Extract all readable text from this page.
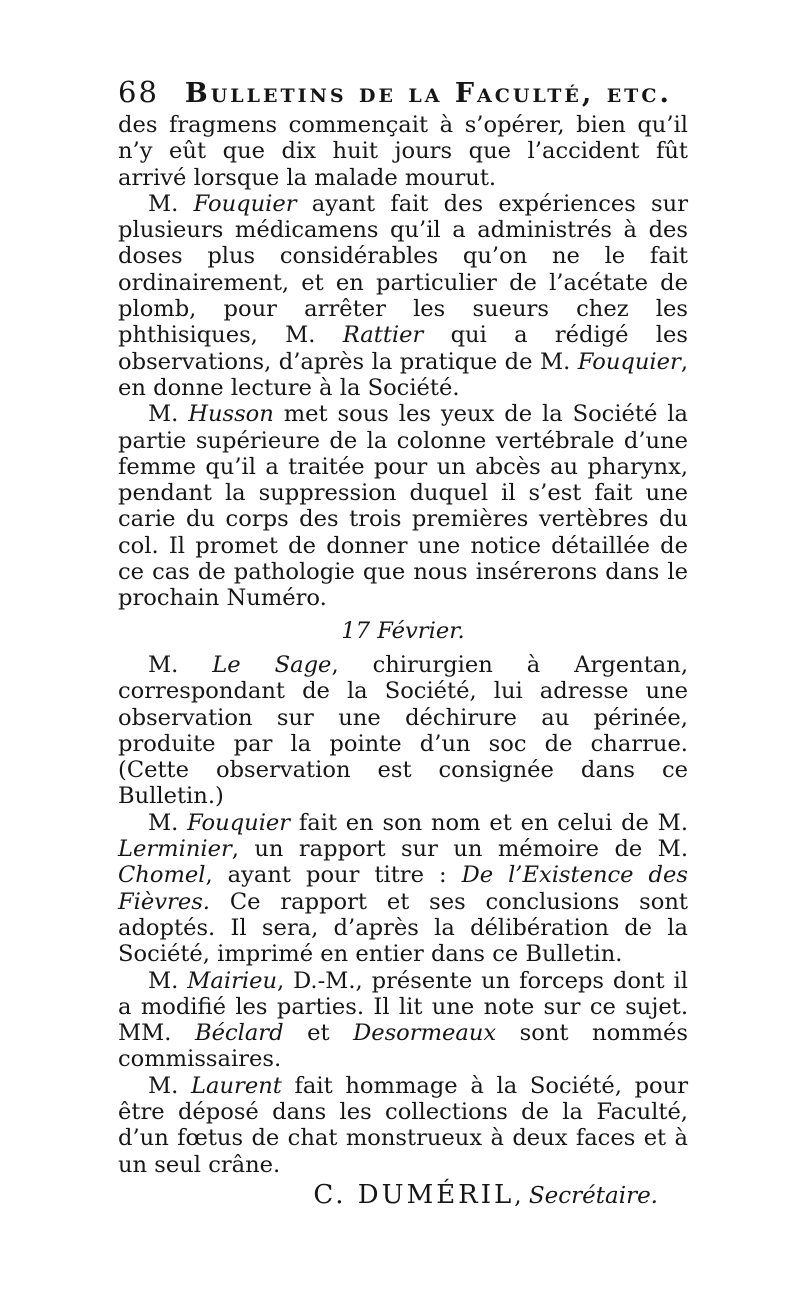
68 Bulletins de la Faculté, etc.

des fragmens commençait à s’opérer, bien qu’il n’y eût que dix huit jours que l’accident fût arrivé lorsque la malade mourut.

M. Fouquier ayant fait des expériences sur plusieurs médicamens qu’il a administrés à des doses plus considérables qu’on ne le fait ordinairement, et en particulier de l’acétate de plomb, pour arrêter les sueurs chez les phthisiques, M. Rattier qui a rédigé les observations, d’après la pratique de M. Fouquier, en donne lecture à la Société.

M. Husson met sous les yeux de la Société la partie supérieure de la colonne vertébrale d’une femme qu’il a traitée pour un abcès au pharynx, pendant la suppression duquel il s’est fait une carie du corps des trois premières vertèbres du col. Il promet de donner une notice détaillée de ce cas de pathologie que nous insérerons dans le prochain Numéro.

17 Février.

M. Le Sage, chirurgien à Argentan, correspondant de la Société, lui adresse une observation sur une déchirure au périnée, produite par la pointe d’un soc de charrue. (Cette observation est consignée dans ce Bulletin.)

M. Fouquier fait en son nom et en celui de M. Lerminier, un rapport sur un mémoire de M. Chomel, ayant pour titre : De l’Existence des Fièvres. Ce rapport et ses conclusions sont adoptés. Il sera, d’après la délibération de la Société, imprimé en entier dans ce Bulletin.

M. Mairieu, D.-M., présente un forceps dont il a modifié les parties. Il lit une note sur ce sujet. MM. Béclard et Desormeaux sont nommés commissaires.

M. Laurent fait hommage à la Société, pour être déposé dans les collections de la Faculté, d’un fœtus de chat monstrueux à deux faces et à un seul crâne.

C. DUMÉRIL, Secrétaire.
